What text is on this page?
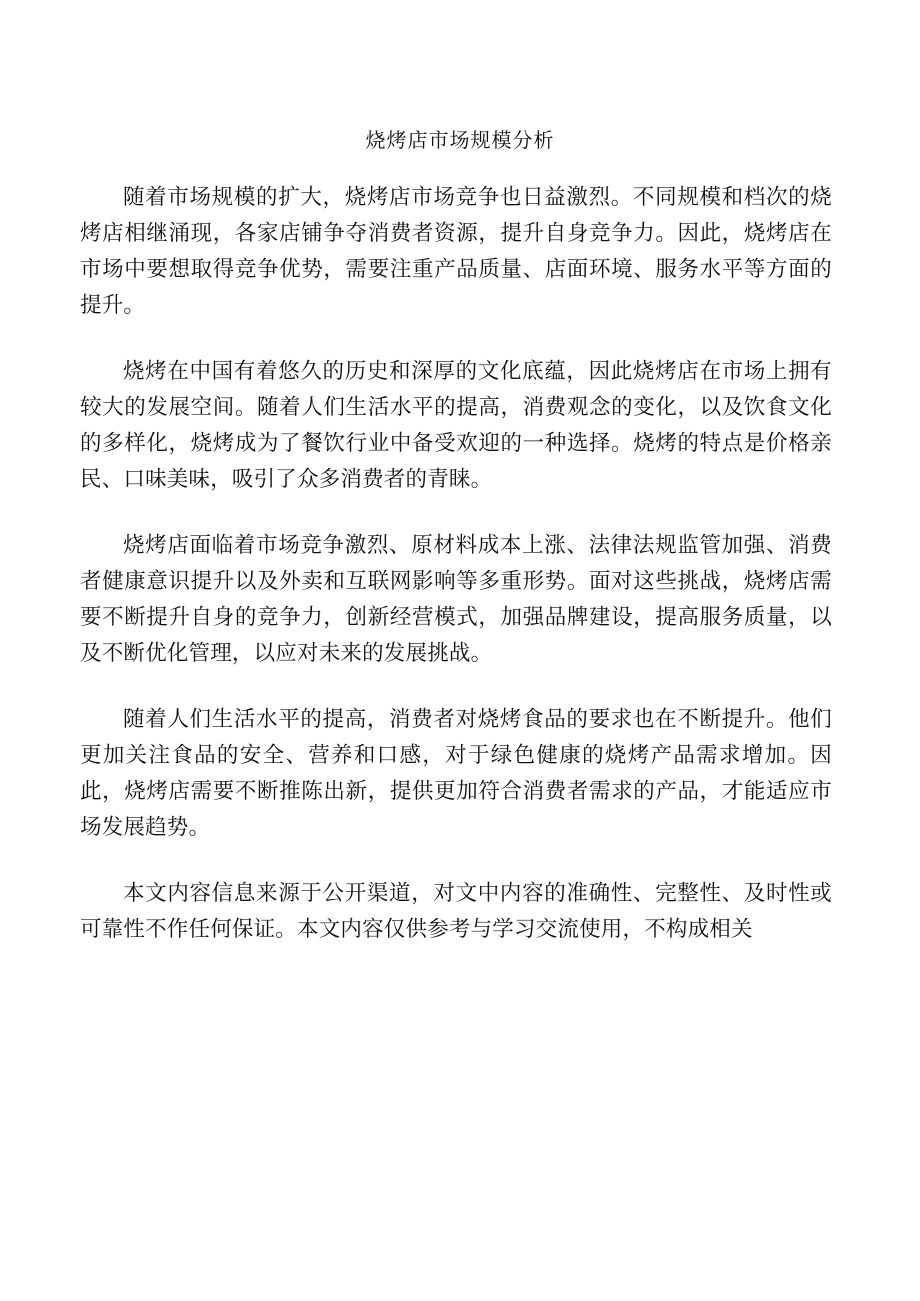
烧烤店市场规模分析

随着市场规模的扩大，烧烤店市场竞争也日益激烈。不同规模和档次的烧烤店相继涌现，各家店铺争夺消费者资源，提升自身竞争力。因此，烧烤店在市场中要想取得竞争优势，需要注重产品质量、店面环境、服务水平等方面的提升。

烧烤在中国有着悠久的历史和深厚的文化底蕴，因此烧烤店在市场上拥有较大的发展空间。随着人们生活水平的提高，消费观念的变化，以及饮食文化的多样化，烧烤成为了餐饮行业中备受欢迎的一种选择。烧烤的特点是价格亲民、口味美味，吸引了众多消费者的青睐。

烧烤店面临着市场竞争激烈、原材料成本上涨、法律法规监管加强、消费者健康意识提升以及外卖和互联网影响等多重形势。面对这些挑战，烧烤店需要不断提升自身的竞争力，创新经营模式，加强品牌建设，提高服务质量，以及不断优化管理，以应对未来的发展挑战。

随着人们生活水平的提高，消费者对烧烤食品的要求也在不断提升。他们更加关注食品的安全、营养和口感，对于绿色健康的烧烤产品需求增加。因此，烧烤店需要不断推陈出新，提供更加符合消费者需求的产品，才能适应市场发展趋势。

本文内容信息来源于公开渠道，对文中内容的准确性、完整性、及时性或可靠性不作任何保证。本文内容仅供参考与学习交流使用，不构成相关
